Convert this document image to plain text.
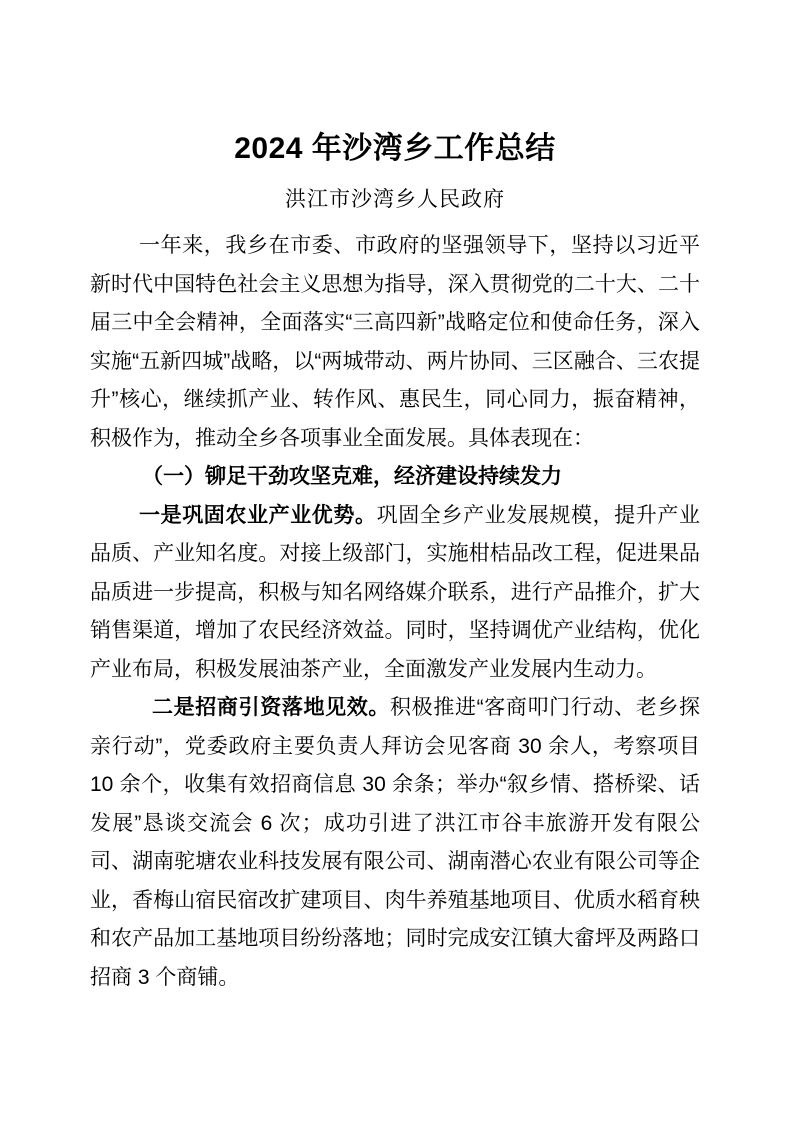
2024 年沙湾乡工作总结
洪江市沙湾乡人民政府

一年来，我乡在市委、市政府的坚强领导下，坚持以习近平新时代中国特色社会主义思想为指导，深入贯彻党的二十大、二十届三中全会精神，全面落实“三高四新”战略定位和使命任务，深入实施“五新四城”战略，以“两城带动、两片协同、三区融合、三农提升”核心，继续抓产业、转作风、惠民生，同心同力，振奋精神，积极作为，推动全乡各项事业全面发展。具体表现在：

（一）铆足干劲攻坚克难，经济建设持续发力

一是巩固农业产业优势。巩固全乡产业发展规模，提升产业品质、产业知名度。对接上级部门，实施柑桔品改工程，促进果品品质进一步提高，积极与知名网络媒介联系，进行产品推介，扩大销售渠道，增加了农民经济效益。同时，坚持调优产业结构，优化产业布局，积极发展油茶产业，全面激发产业发展内生动力。

二是招商引资落地见效。积极推进“客商叩门行动、老乡探亲行动”，党委政府主要负责人拜访会见客商 30 余人，考察项目 10 余个，收集有效招商信息 30 余条；举办“叙乡情、搭桥梁、话发展”恳谈交流会 6 次；成功引进了洪江市谷丰旅游开发有限公司、湖南驼塘农业科技发展有限公司、湖南潜心农业有限公司等企业，香梅山宿民宿改扩建项目、肉牛养殖基地项目、优质水稻育秧和农产品加工基地项目纷纷落地；同时完成安江镇大畲坪及两路口招商 3 个商铺。
